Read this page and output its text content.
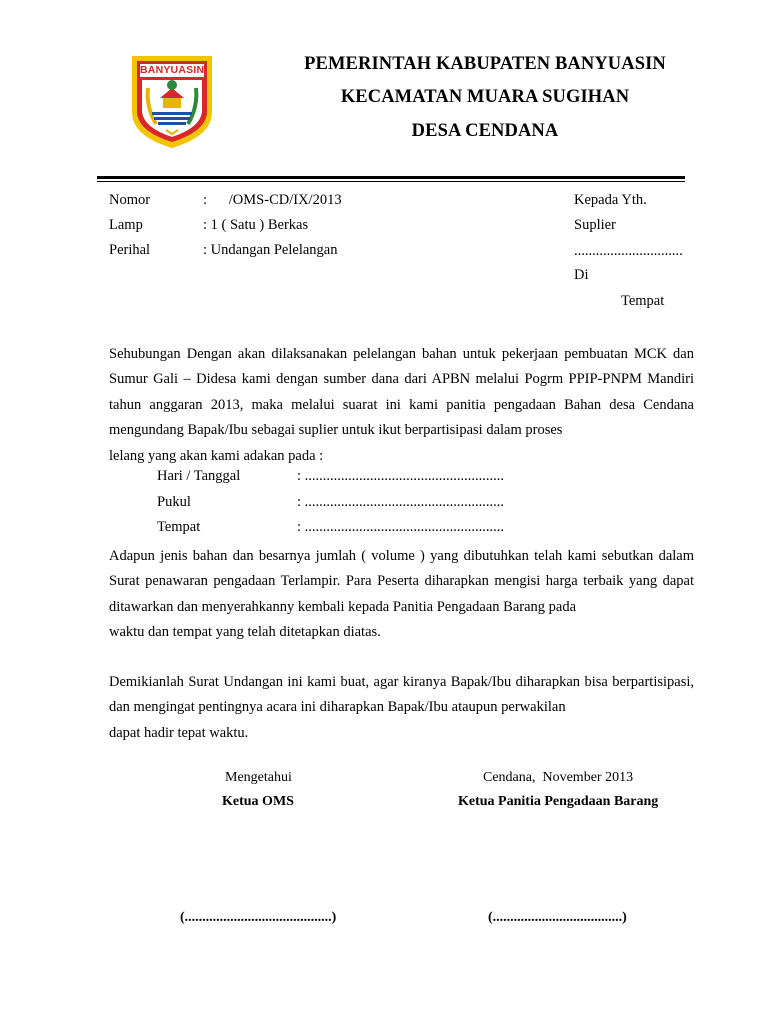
BANYUASIN	PEMERINTAH KABUPATEN BANYUASIN
KECAMATAN MUARA SUGIHAN
DESA CENDANA
Nomor	:      /OMS-CD/IX/2013
Lamp	: 1 ( Satu ) Berkas
Perihal	: Undangan Pelelangan
Kepada Yth.
Suplier
..............................
Di
Tempat
Sehubungan Dengan akan dilaksanakan pelelangan bahan untuk pekerjaan pembuatan MCK dan Sumur Gali – Didesa kami dengan sumber dana dari APBN melalui Pogrm PPIP-PNPM Mandiri tahun anggaran 2013, maka melalui suarat ini kami panitia pengadaan Bahan desa Cendana mengundang Bapak/Ibu sebagai suplier untuk ikut berpartisipasi dalam proses
lelang yang akan kami adakan pada :
Hari / Tanggal	: .......................................................
Pukul	: .......................................................
Tempat	: .......................................................
Adapun jenis bahan dan besarnya jumlah ( volume ) yang dibutuhkan telah kami sebutkan dalam Surat penawaran pengadaan Terlampir. Para Peserta diharapkan mengisi harga terbaik yang dapat ditawarkan dan menyerahkanny kembali kepada Panitia Pengadaan Barang pada
waktu dan tempat yang telah ditetapkan diatas.
Demikianlah Surat Undangan ini kami buat, agar kiranya Bapak/Ibu diharapkan bisa berpartisipasi, dan mengingat pentingnya acara ini diharapkan Bapak/Ibu ataupun perwakilan
dapat hadir tepat waktu.
Mengetahui
Ketua OMS
(..........................................)
Cendana,  November 2013
Ketua Panitia Pengadaan Barang
(.....................................)
